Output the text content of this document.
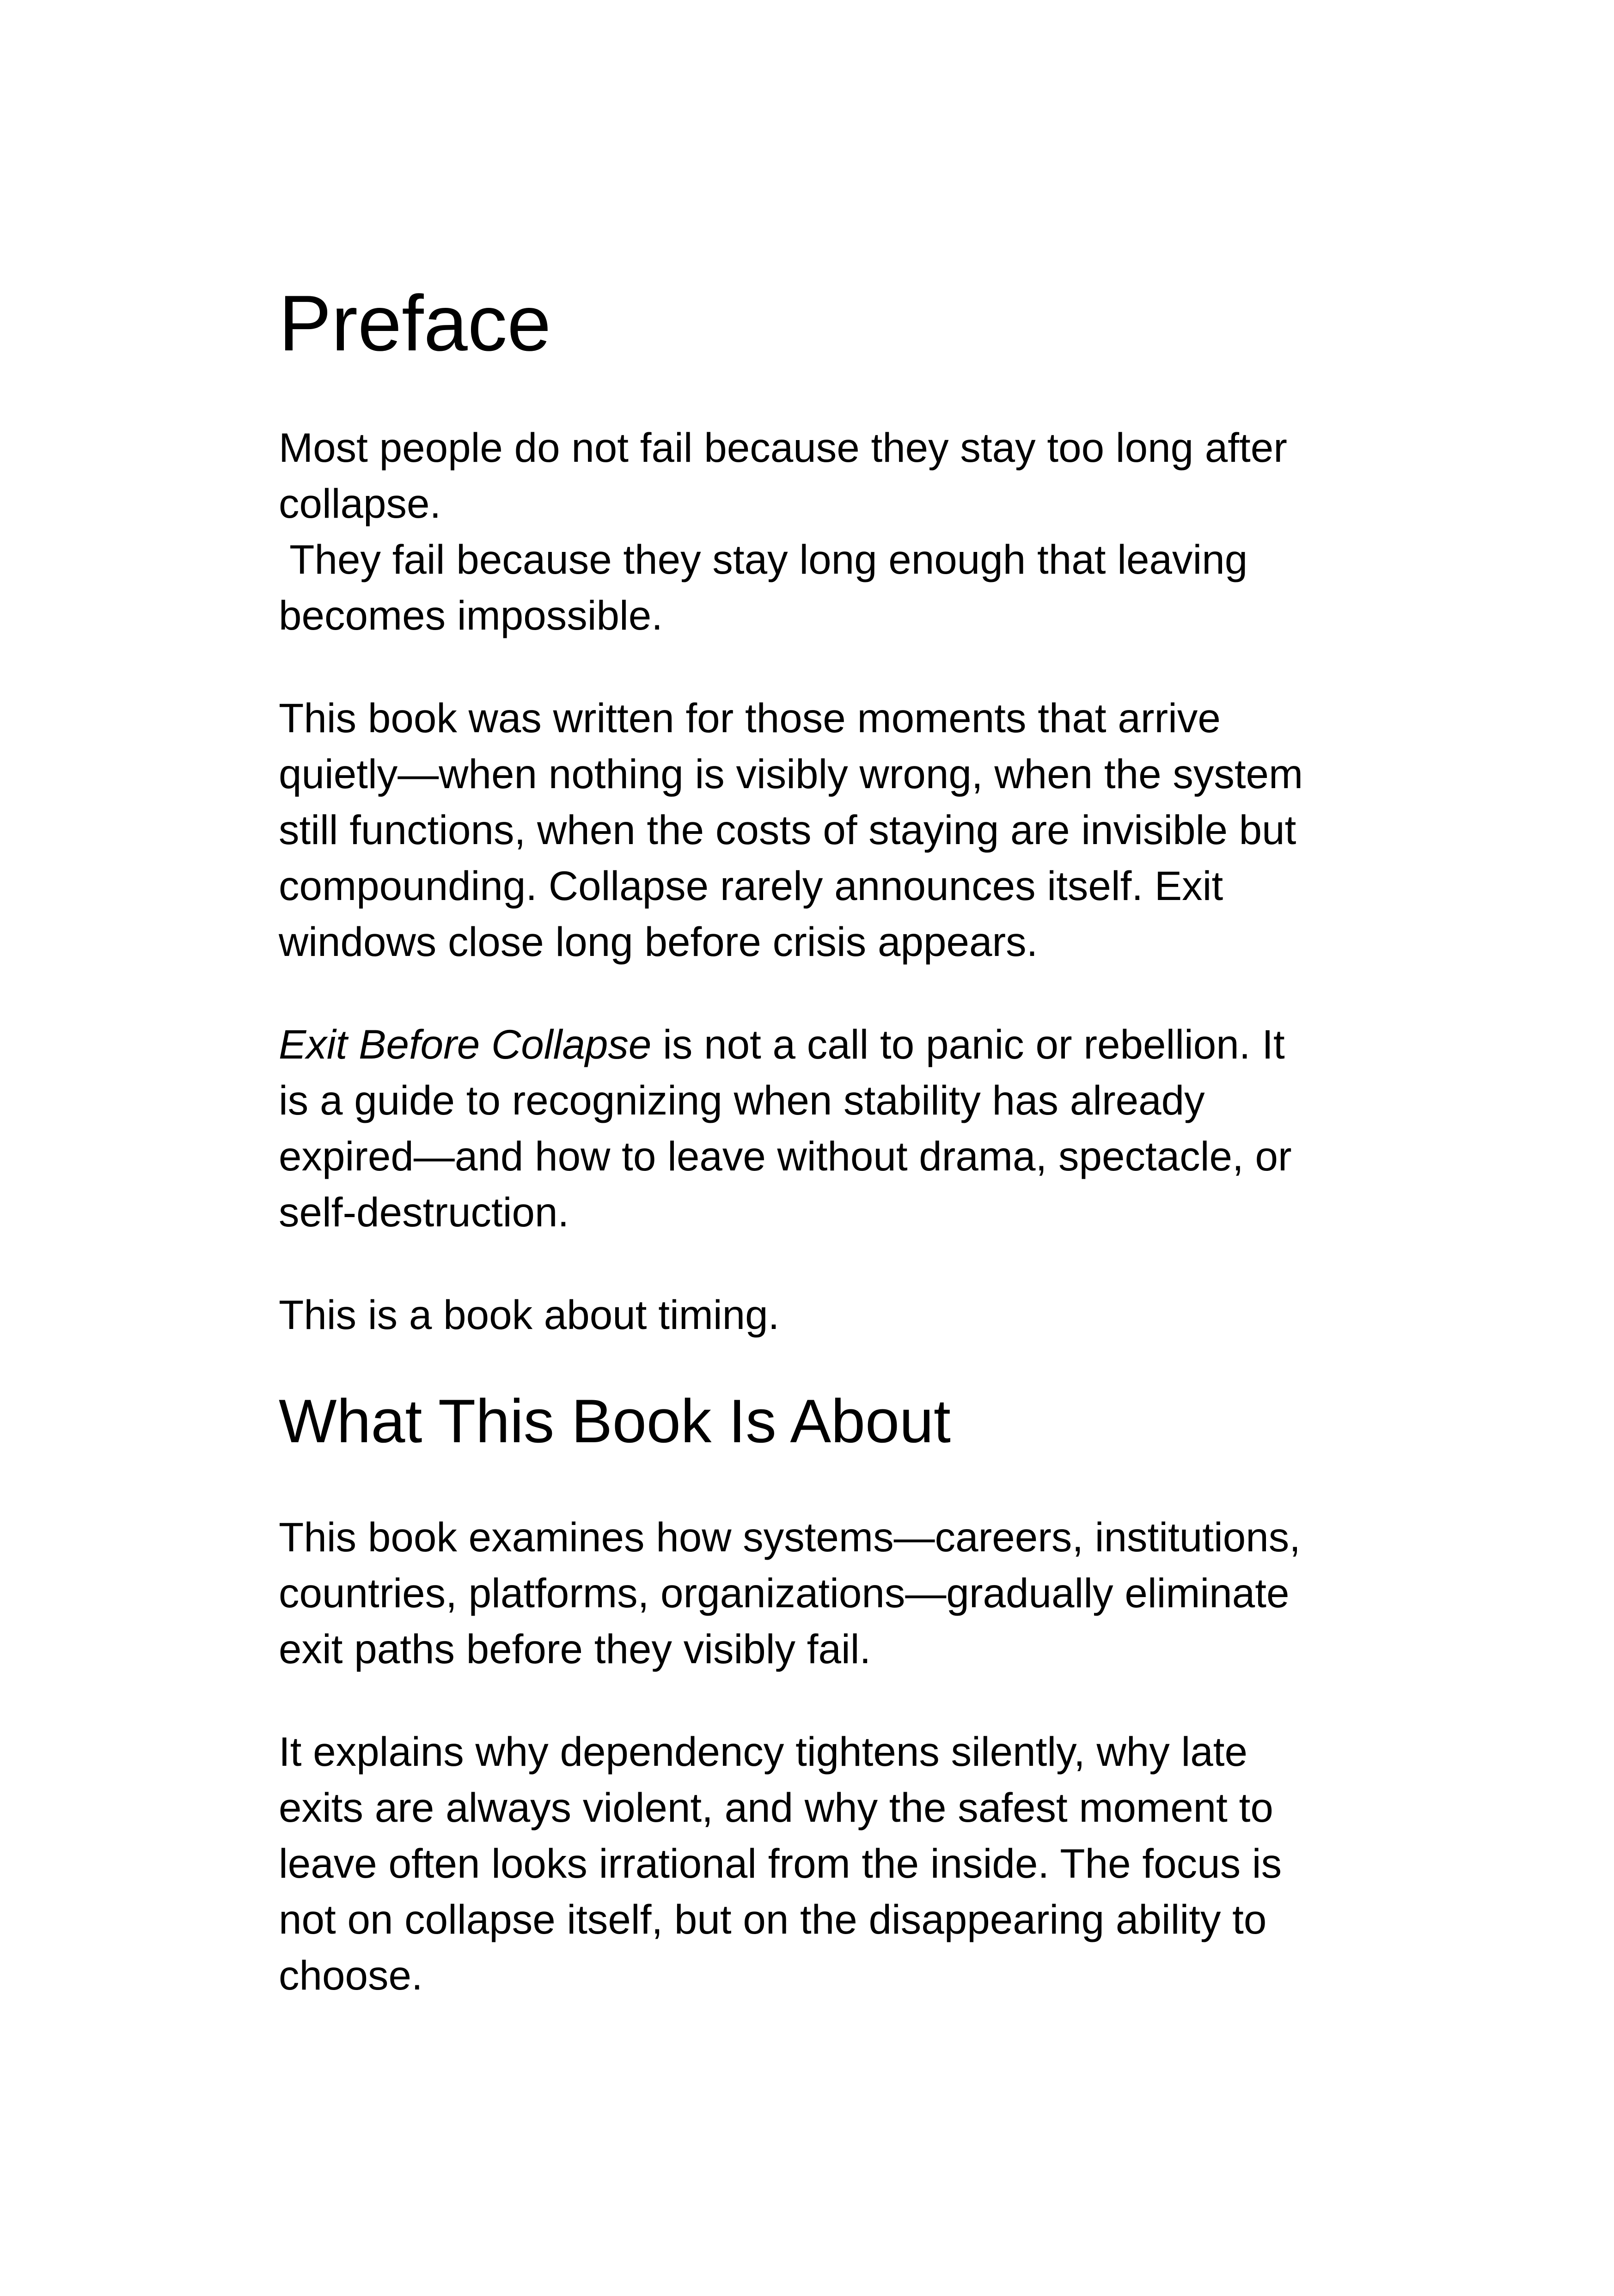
Preface

Most people do not fail because they stay too long after
collapse.
They fail because they stay long enough that leaving
becomes impossible.

This book was written for those moments that arrive
quietly—when nothing is visibly wrong, when the system
still functions, when the costs of staying are invisible but
compounding. Collapse rarely announces itself. Exit
windows close long before crisis appears.

Exit Before Collapse is not a call to panic or rebellion. It
is a guide to recognizing when stability has already
expired—and how to leave without drama, spectacle, or
self-destruction.

This is a book about timing.

What This Book Is About

This book examines how systems—careers, institutions,
countries, platforms, organizations—gradually eliminate
exit paths before they visibly fail.

It explains why dependency tightens silently, why late
exits are always violent, and why the safest moment to
leave often looks irrational from the inside. The focus is
not on collapse itself, but on the disappearing ability to
choose.
